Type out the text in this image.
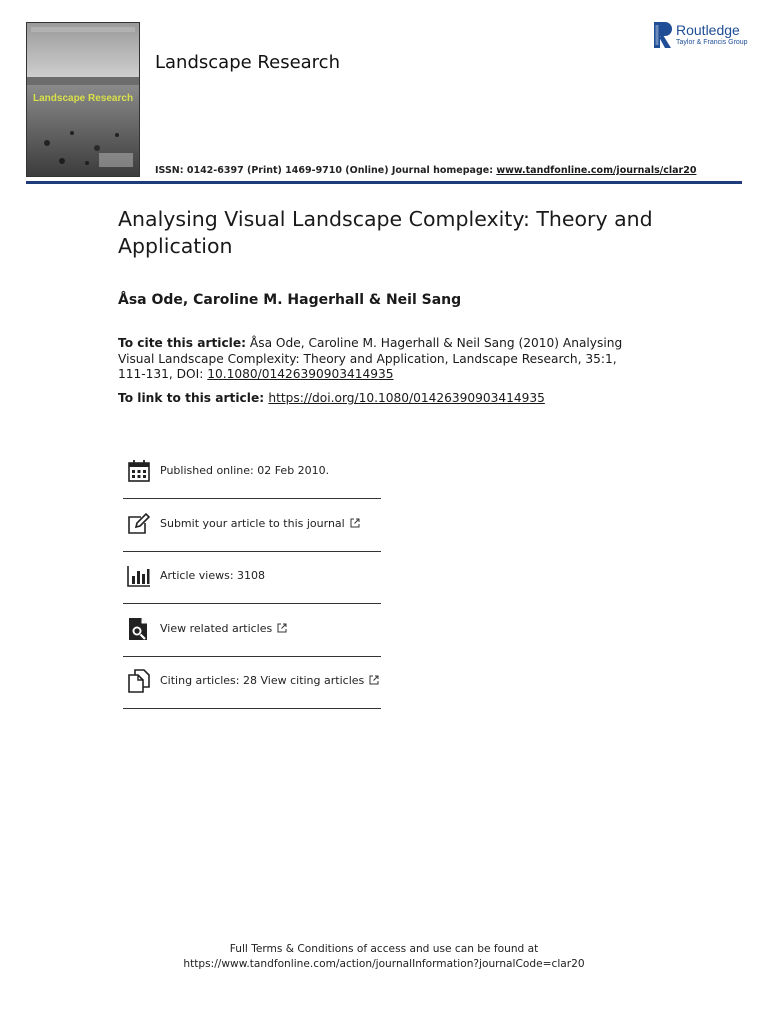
Landscape Research
Landscape Research
ISSN: 0142-6397 (Print) 1469-9710 (Online) Journal homepage: www.tandfonline.com/journals/clar20
Routledge
Taylor & Francis Group
Analysing Visual Landscape Complexity: Theory and Application
Åsa Ode, Caroline M. Hagerhall & Neil Sang
To cite this article: Åsa Ode, Caroline M. Hagerhall & Neil Sang (2010) Analysing Visual Landscape Complexity: Theory and Application, Landscape Research, 35:1, 111-131, DOI: 10.1080/01426390903414935
To link to this article: https://doi.org/10.1080/01426390903414935
Published online: 02 Feb 2010.
Submit your article to this journal
Article views: 3108
View related articles
Citing articles: 28 View citing articles
Full Terms & Conditions of access and use can be found at
https://www.tandfonline.com/action/journalInformation?journalCode=clar20
